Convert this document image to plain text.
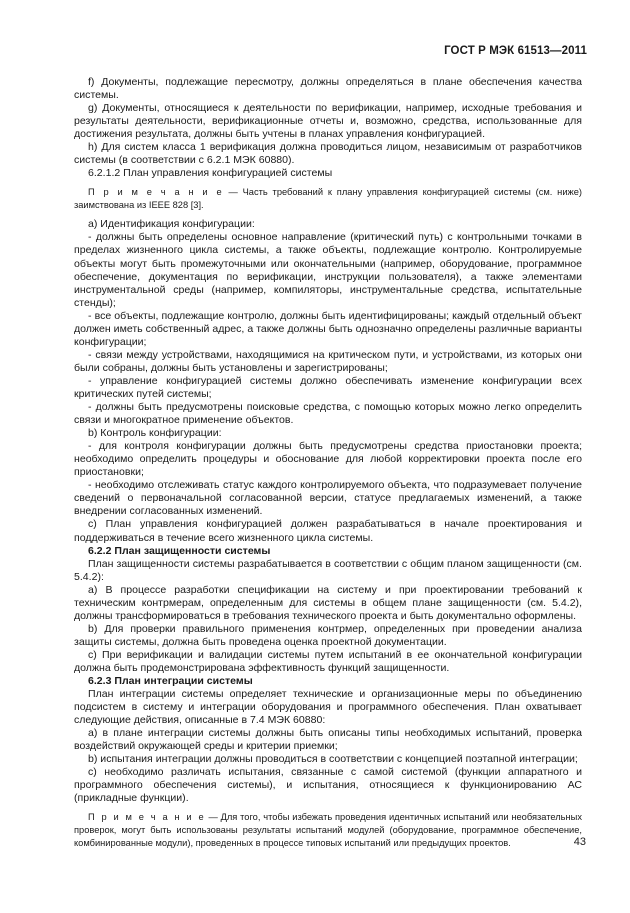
ГОСТ Р МЭК 61513—2011

f) Документы, подлежащие пересмотру, должны определяться в плане обеспечения качества системы.

g) Документы, относящиеся к деятельности по верификации, например, исходные требования и результаты деятельности, верификационные отчеты и, возможно, средства, использованные для достижения результата, должны быть учтены в планах управления конфигурацией.

h) Для систем класса 1 верификация должна проводиться лицом, независимым от разработчиков системы (в соответствии с 6.2.1 МЭК 60880).

6.2.1.2 План управления конфигурацией системы

П р и м е ч а н и е — Часть требований к плану управления конфигурацией системы (см. ниже) заимствована из IEEE 828 [3].

а) Идентификация конфигурации:

- должны быть определены основное направление (критический путь) с контрольными точками в пределах жизненного цикла системы, а также объекты, подлежащие контролю. Контролируемые объекты могут быть промежуточными или окончательными (например, оборудование, программное обеспечение, документация по верификации, инструкции пользователя), а также элементами инструментальной среды (например, компиляторы, инструментальные средства, испытательные стенды);

- все объекты, подлежащие контролю, должны быть идентифицированы; каждый отдельный объект должен иметь собственный адрес, а также должны быть однозначно определены различные варианты конфигурации;

- связи между устройствами, находящимися на критическом пути, и устройствами, из которых они были собраны, должны быть установлены и зарегистрированы;

- управление конфигурацией системы должно обеспечивать изменение конфигурации всех критических путей системы;

- должны быть предусмотрены поисковые средства, с помощью которых можно легко определить связи и многократное применение объектов.

b) Контроль конфигурации:

- для контроля конфигурации должны быть предусмотрены средства приостановки проекта; необходимо определить процедуры и обоснование для любой корректировки проекта после его приостановки;

- необходимо отслеживать статус каждого контролируемого объекта, что подразумевает получение сведений о первоначальной согласованной версии, статусе предлагаемых изменений, а также внедрении согласованных изменений.

с) План управления конфигурацией должен разрабатываться в начале проектирования и поддерживаться в течение всего жизненного цикла системы.

6.2.2 План защищенности системы

План защищенности системы разрабатывается в соответствии с общим планом защищенности (см. 5.4.2):

а) В процессе разработки спецификации на систему и при проектировании требований к техническим контрмерам, определенным для системы в общем плане защищенности (см. 5.4.2), должны трансформироваться в требования технического проекта и быть документально оформлены.

b) Для проверки правильного применения контрмер, определенных при проведении анализа защиты системы, должна быть проведена оценка проектной документации.

с) При верификации и валидации системы путем испытаний в ее окончательной конфигурации должна быть продемонстрирована эффективность функций защищенности.

6.2.3 План интеграции системы

План интеграции системы определяет технические и организационные меры по объединению подсистем в систему и интеграции оборудования и программного обеспечения. План охватывает следующие действия, описанные в 7.4 МЭК 60880:

а) в плане интеграции системы должны быть описаны типы необходимых испытаний, проверка воздействий окружающей среды и критерии приемки;

b) испытания интеграции должны проводиться в соответствии с концепцией поэтапной интеграции;

с) необходимо различать испытания, связанные с самой системой (функции аппаратного и программного обеспечения системы), и испытания, относящиеся к функционированию АС (прикладные функции).

П р и м е ч а н и е — Для того, чтобы избежать проведения идентичных испытаний или необязательных проверок, могут быть использованы результаты испытаний модулей (оборудование, программное обеспечение, комбинированные модули), проведенных в процессе типовых испытаний или предыдущих проектов.	43
